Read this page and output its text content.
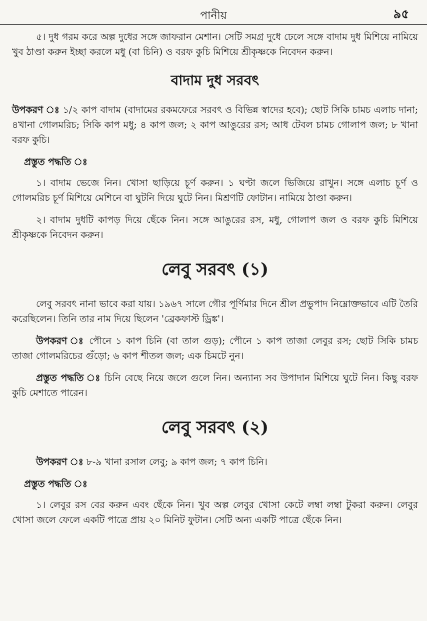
পানীয়	৯৫

৫। দুধ গরম করে অল্প দুধের সঙ্গে জাফরান মেশান। সেটি সমগ্র দুধে ঢেলে সঙ্গে বাদাম দুধ মিশিয়ে নামিয়ে খুব ঠাণ্ডা করুন ইচ্ছা করলে মধু (বা চিনি) ও বরফ কুচি মিশিয়ে শ্রীকৃষ্ণকে নিবেদন করুন।

বাদাম দুধ সরবৎ

উপকরণ ঃ ১/২ কাপ বাদাম (বাদামের রকমফেরে সরবৎ ও বিভিন্ন স্বাদের হবে); ছোট সিকি চামচ এলাচ দানা; ৪খানা গোলমরিচ; সিকি কাপ মধু; ৪ কাপ জল; ২ কাপ আঙুরের রস; আধ টেবল চামচ গোলাপ জল; ৮ খানা বরফ কুচি।

প্রস্তুত পদ্ধতি ঃ

১। বাদাম ভেজে নিন। খোসা ছাড়িয়ে চূর্ণ করুন। ১ ঘণ্টা জলে ভিজিয়ে রাখুন। সঙ্গে এলাচ চূর্ণ ও গোলমরিচ চূর্ণ মিশিয়ে মেশিনে বা ঘুটনি দিয়ে ঘুটে নিন। মিশ্রণটি ফোটান। নামিয়ে ঠাণ্ডা করুন।

২। বাদাম দুধটি কাপড় দিয়ে ছেঁকে নিন। সঙ্গে আঙুরের রস, মধু, গোলাপ জল ও বরফ কুচি মিশিয়ে শ্রীকৃষ্ণকে নিবেদন করুন।

লেবু সরবৎ (১)

লেবু সরবৎ নানা ভাবে করা যায়। ১৯৬৭ সালে গৌর পূর্ণিমার দিনে শ্রীল প্রভুপাদ নিম্নোক্তভাবে এটি তৈরি করেছিলেন। তিনি তার নাম দিয়ে ছিলেন 'ব্রেকফাস্ট ড্রিঙ্ক'।

উপকরণ ঃ পৌনে ১ কাপ চিনি (বা তাল গুড়); পৌনে ১ কাপ তাজা লেবুর রস; ছোট সিকি চামচ তাজা গোলমরিচের গুঁড়ো; ৬ কাপ শীতল জল; এক চিমটে নুন।

প্রস্তুত পদ্ধতি ঃ চিনি বেছে নিয়ে জলে গুলে নিন। অন্যান্য সব উপাদান মিশিয়ে ঘুটে নিন। কিছু বরফ কুচি মেশাতে পারেন।

লেবু সরবৎ (২)

উপকরণ ঃ ৮-৯ খানা রসাল লেবু; ৯ কাপ জল; ৭ কাপ চিনি।

প্রস্তুত পদ্ধতি ঃ

১। লেবুর রস বের করুন এবং ছেঁকে নিন। খুব অল্প লেবুর খোসা কেটে লম্বা লম্বা টুকরা করুন। লেবুর খোসা জলে ফেলে একটি পাত্রে প্রায় ২০ মিনিট ফুটান। সেটি অন্য একটি পাত্রে ছেঁকে নিন।
